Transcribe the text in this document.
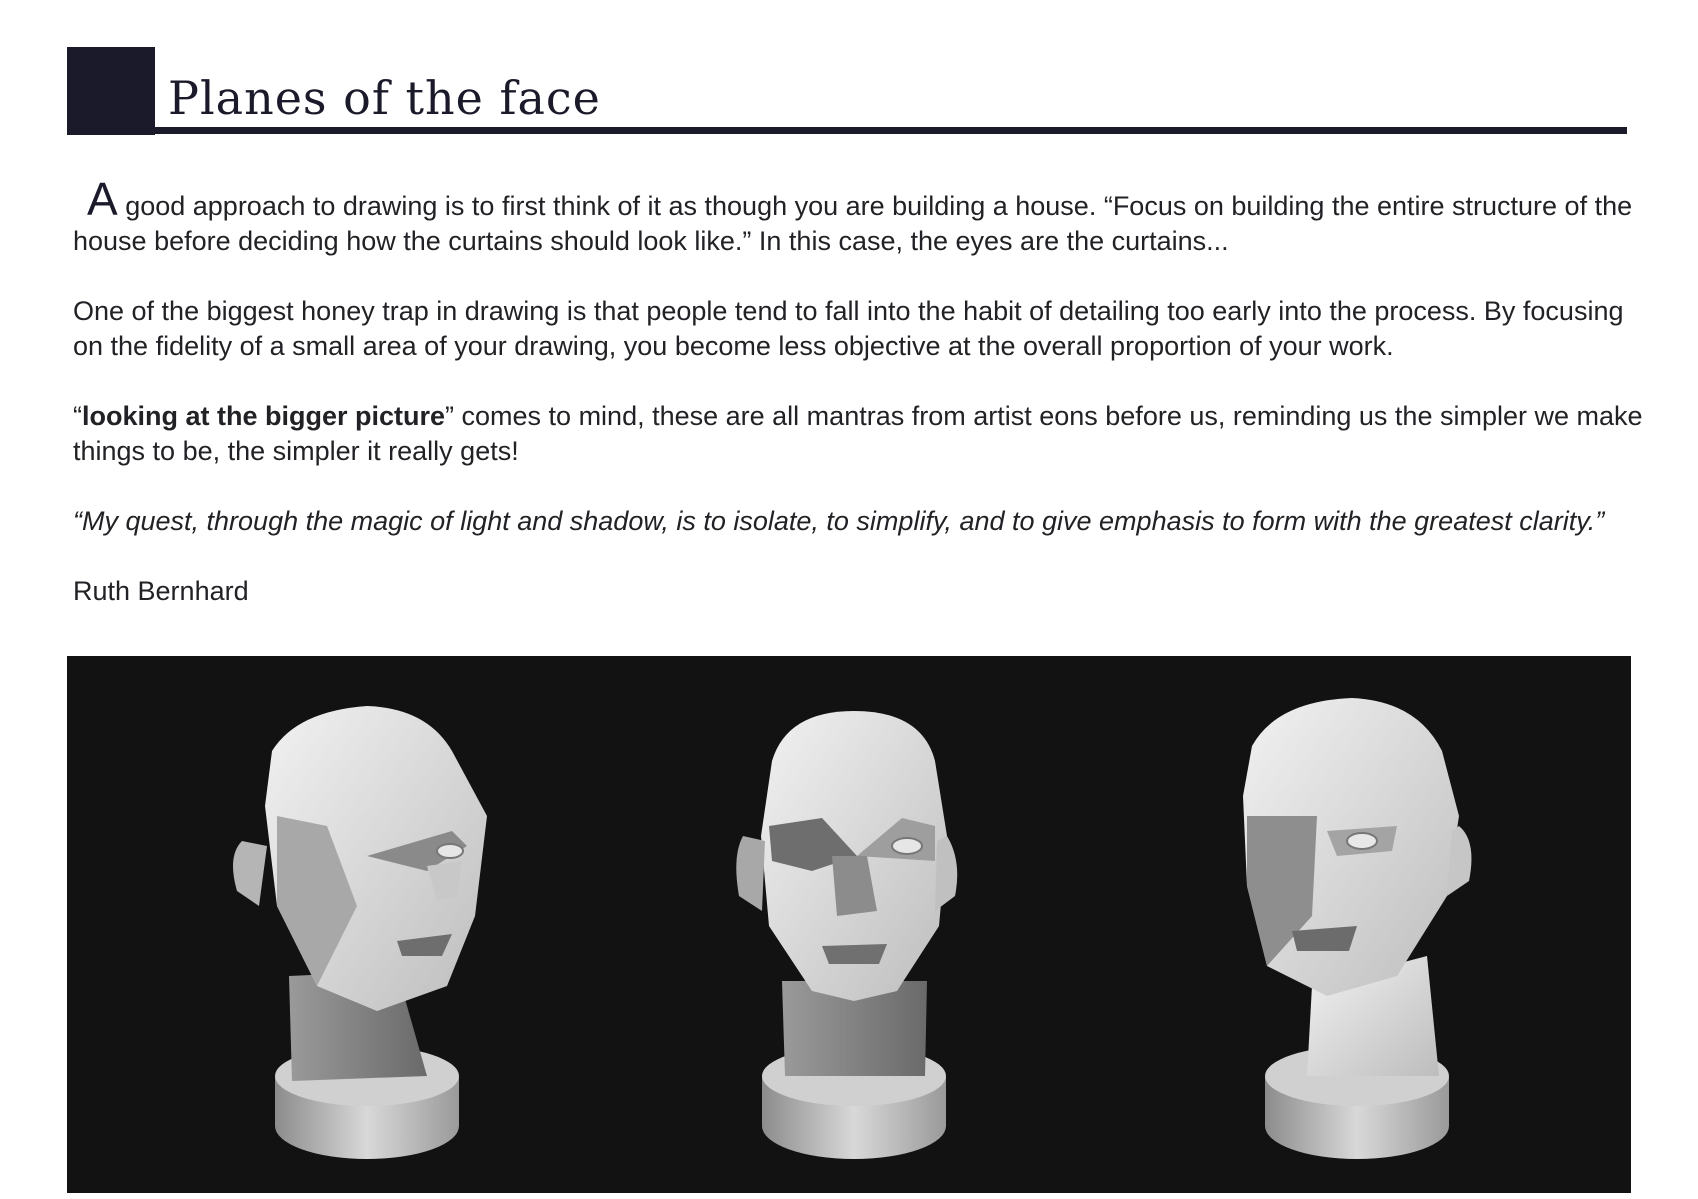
Planes of the face

A good approach to drawing is to first think of it as though you are building a house. “Focus on building the entire structure of the house before deciding how the curtains should look like.” In this case, the eyes are the curtains...

One of the biggest honey trap in drawing is that people tend to fall into the habit of detailing too early into the process. By focusing on the fidelity of a small area of your drawing, you become less objective at the overall proportion of your work.

“looking at the bigger picture” comes to mind, these are all mantras from artist eons before us, reminding us the simpler we make things to be, the simpler it really gets!

“My quest, through the magic of light and shadow, is to isolate, to simplify, and to give emphasis to form with the greatest clarity.”

Ruth Bernhard
